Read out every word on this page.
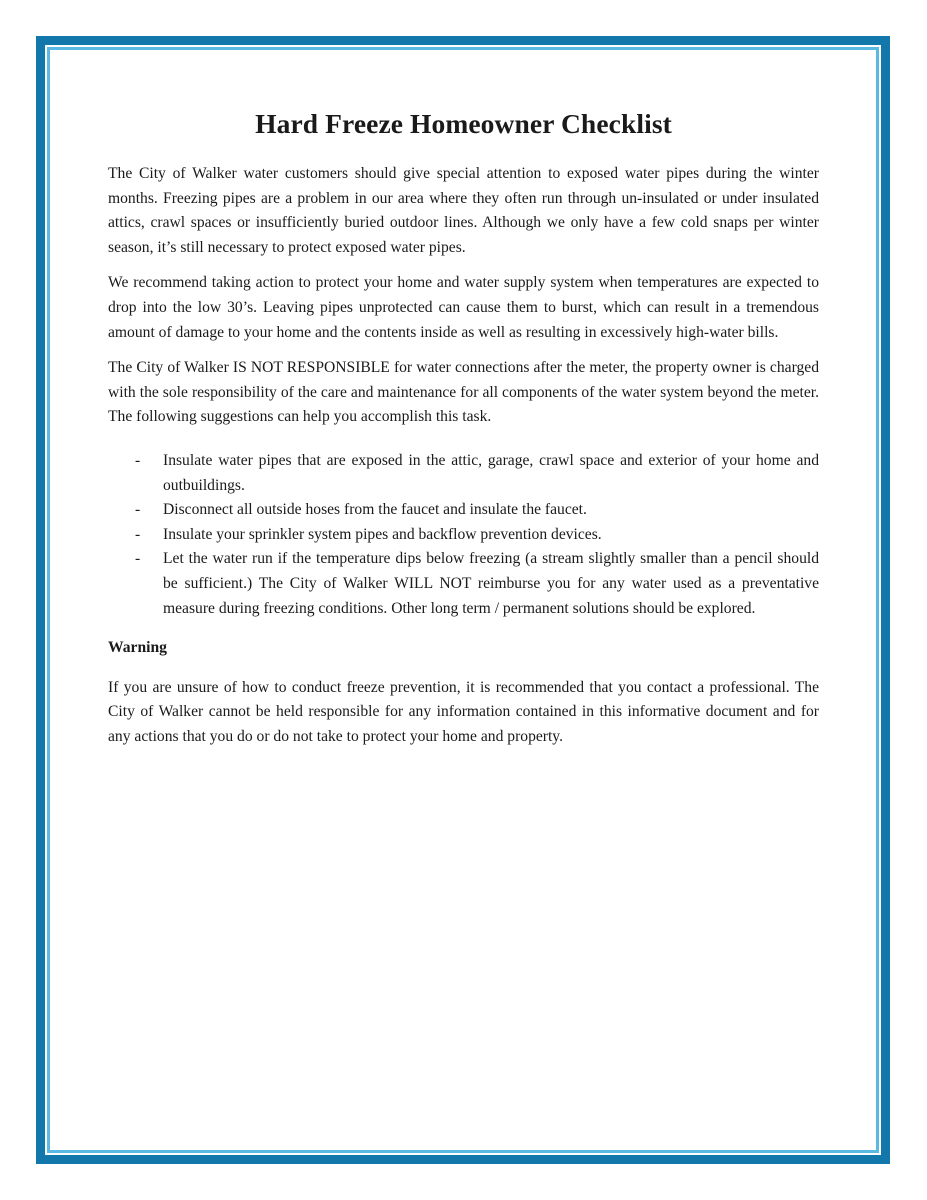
Hard Freeze Homeowner Checklist

The City of Walker water customers should give special attention to exposed water pipes during the winter months. Freezing pipes are a problem in our area where they often run through un-insulated or under insulated attics, crawl spaces or insufficiently buried outdoor lines. Although we only have a few cold snaps per winter season, it’s still necessary to protect exposed water pipes.

We recommend taking action to protect your home and water supply system when temperatures are expected to drop into the low 30’s. Leaving pipes unprotected can cause them to burst, which can result in a tremendous amount of damage to your home and the contents inside as well as resulting in excessively high-water bills.

The City of Walker IS NOT RESPONSIBLE for water connections after the meter, the property owner is charged with the sole responsibility of the care and maintenance for all components of the water system beyond the meter. The following suggestions can help you accomplish this task.

- Insulate water pipes that are exposed in the attic, garage, crawl space and exterior of your home and outbuildings.
- Disconnect all outside hoses from the faucet and insulate the faucet.
- Insulate your sprinkler system pipes and backflow prevention devices.
- Let the water run if the temperature dips below freezing (a stream slightly smaller than a pencil should be sufficient.) The City of Walker WILL NOT reimburse you for any water used as a preventative measure during freezing conditions. Other long term / permanent solutions should be explored.
Warning

If you are unsure of how to conduct freeze prevention, it is recommended that you contact a professional. The City of Walker cannot be held responsible for any information contained in this informative document and for any actions that you do or do not take to protect your home and property.
